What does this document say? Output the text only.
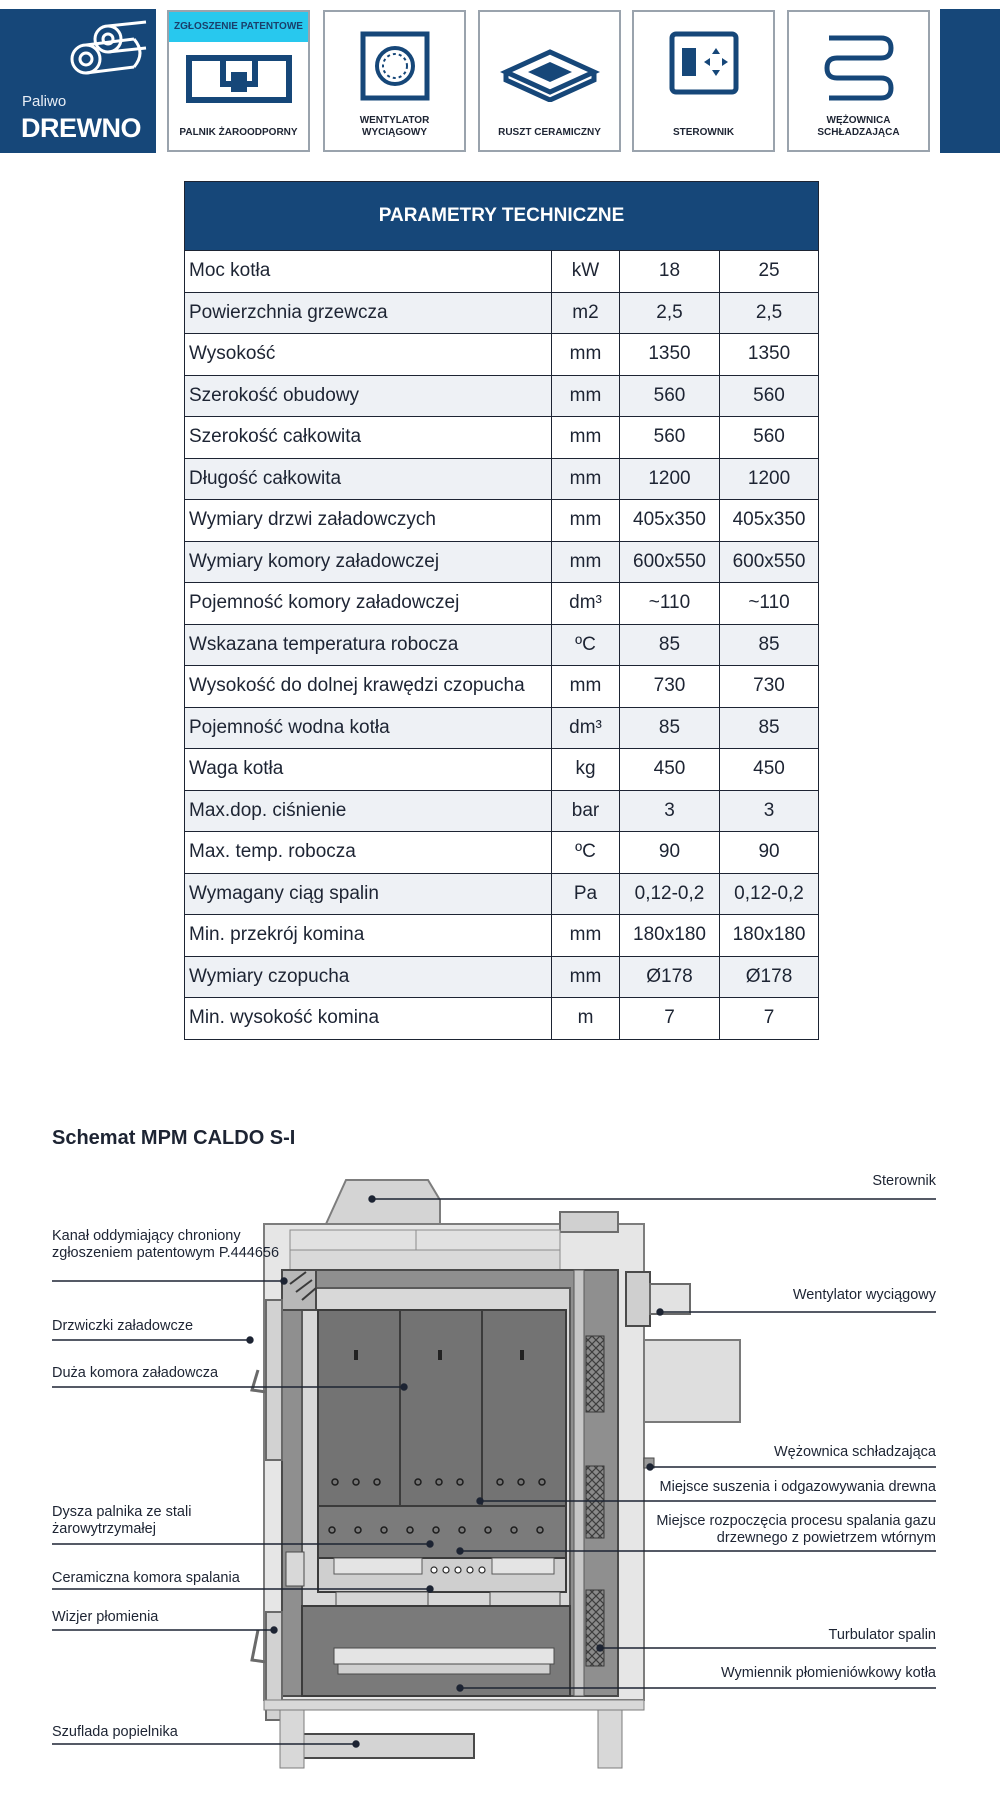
Paliwo
DREWNO
ZGŁOSZENIE PATENTOWE
PALNIK ŻAROODPORNY
WENTYLATOR WYCIĄGOWY	RUSZT CERAMICZNY	STEROWNIK
WĘŻOWNICA SCHŁADZAJĄCA
PARAMETRY TECHNICZNE			
Moc kotła	kW	18	25
Powierzchnia grzewcza	m2	2,5	2,5
Wysokość	mm	1350	1350
Szerokość obudowy	mm	560	560
Szerokość całkowita	mm	560	560
Długość całkowita	mm	1200	1200
Wymiary drzwi załadowczych	mm	405x350	405x350
Wymiary komory załadowczej	mm	600x550	600x550
Pojemność komory załadowczej	dm³	~110	~110
Wskazana temperatura robocza	ºC	85	85
Wysokość do dolnej krawędzi czopucha	mm	730	730
Pojemność wodna kotła	dm³	85	85
Waga kotła	kg	450	450
Max.dop. ciśnienie	bar	3	3
Max. temp. robocza	ºC	90	90
Wymagany ciąg spalin	Pa	0,12-0,2	0,12-0,2
Min. przekrój komina	mm	180x180	180x180
Wymiary czopucha	mm	Ø178	Ø178
Min. wysokość komina	m	7	7
Schemat MPM CALDO S-I
Kanał oddymiający chroniony zgłoszeniem patentowym P.444656
Drzwiczki załadowcze
Duża komora załadowcza
Dysza palnika ze stali żarowytrzymałej
Ceramiczna komora spalania
Wizjer płomienia
Szuflada popielnika
Sterownik
Wentylator wyciągowy
Wężownica schładzająca
Miejsce suszenia i odgazowywania drewna
Miejsce rozpoczęcia procesu spalania gazu drzewnego z powietrzem wtórnym
Turbulator spalin
Wymiennik płomieniówkowy kotła
